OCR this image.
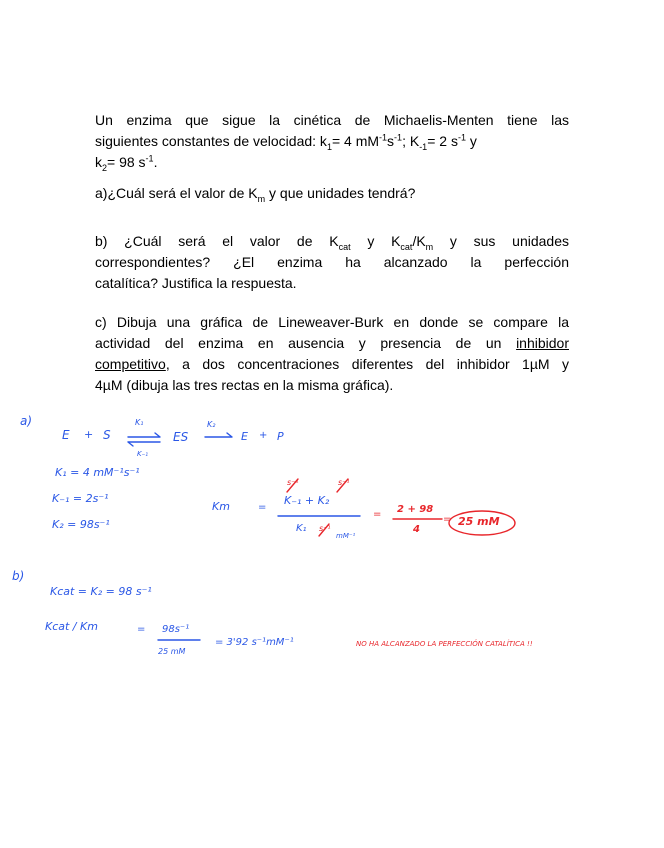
Un enzima que sigue la cinética de Michaelis-Menten tiene las
siguientes constantes de velocidad: $k_1= 4$ $mM^{-1}s^{-1}$; $K_{-1}= 2$ $s^{-1}$ y
$k_2= 98$ $s^{-1}$.
a)¿Cuál será el valor de $K_m$ y que unidades tendrá?
b) ¿Cuál será el valor de $K_{cat}$ y $K_{cat}/K_m$ y sus unidades
correspondientes? ¿El enzima ha alcanzado la perfección
catalítica? Justifica la respuesta.
c) Dibuja una gráfica de Lineweaver-Burk en donde se compare la
actividad del enzima en ausencia y presencia de un inhibidor
competitivo, a dos concentraciones diferentes del inhibidor 1µM y
4µM (dibuja las tres rectas en la misma gráfica).
a)
E + S
K₁
K₋₁
ES
K₂
E + P
K₁ = 4 mM⁻¹s⁻¹
K₋₁ = 2s⁻¹
K₂ = 98s⁻¹
Km	=
K₋₁ + K₂
K₁
mM⁻¹
s⁻¹	s⁻¹
s⁻¹
= 2 + 98
4
= 25 mM
b)
Kcat = K₂ = 98 s⁻¹
Kcat / Km	= 98s⁻¹
25 mM
= 3'92 s⁻¹mM⁻¹	NO HA ALCANZADO LA PERFECCIÓN CATALÍTICA !!
